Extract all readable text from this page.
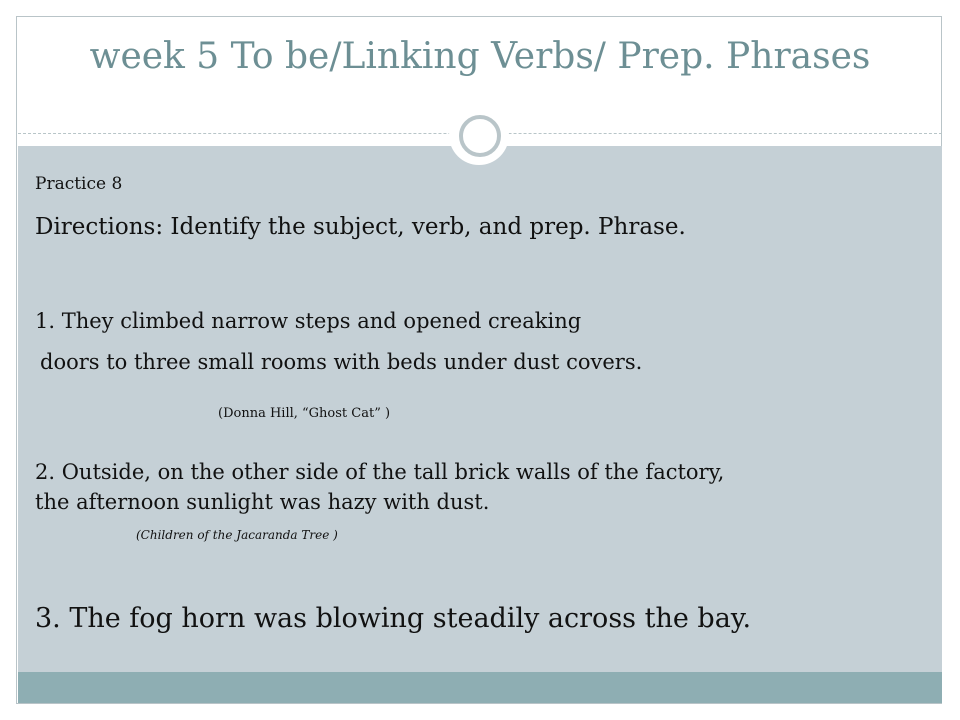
week 5 To be/Linking Verbs/ Prep. Phrases
Practice 8
Directions: Identify the subject, verb, and prep. Phrase.
1. They climbed narrow steps and opened creaking
doors to three small rooms with beds under dust covers.
(Donna Hill, “Ghost Cat” )
2. Outside, on the other side of the tall brick walls of the factory,
the afternoon sunlight was hazy with dust.
(Children of the Jacaranda Tree )
3. The fog horn was blowing steadily across the bay.
